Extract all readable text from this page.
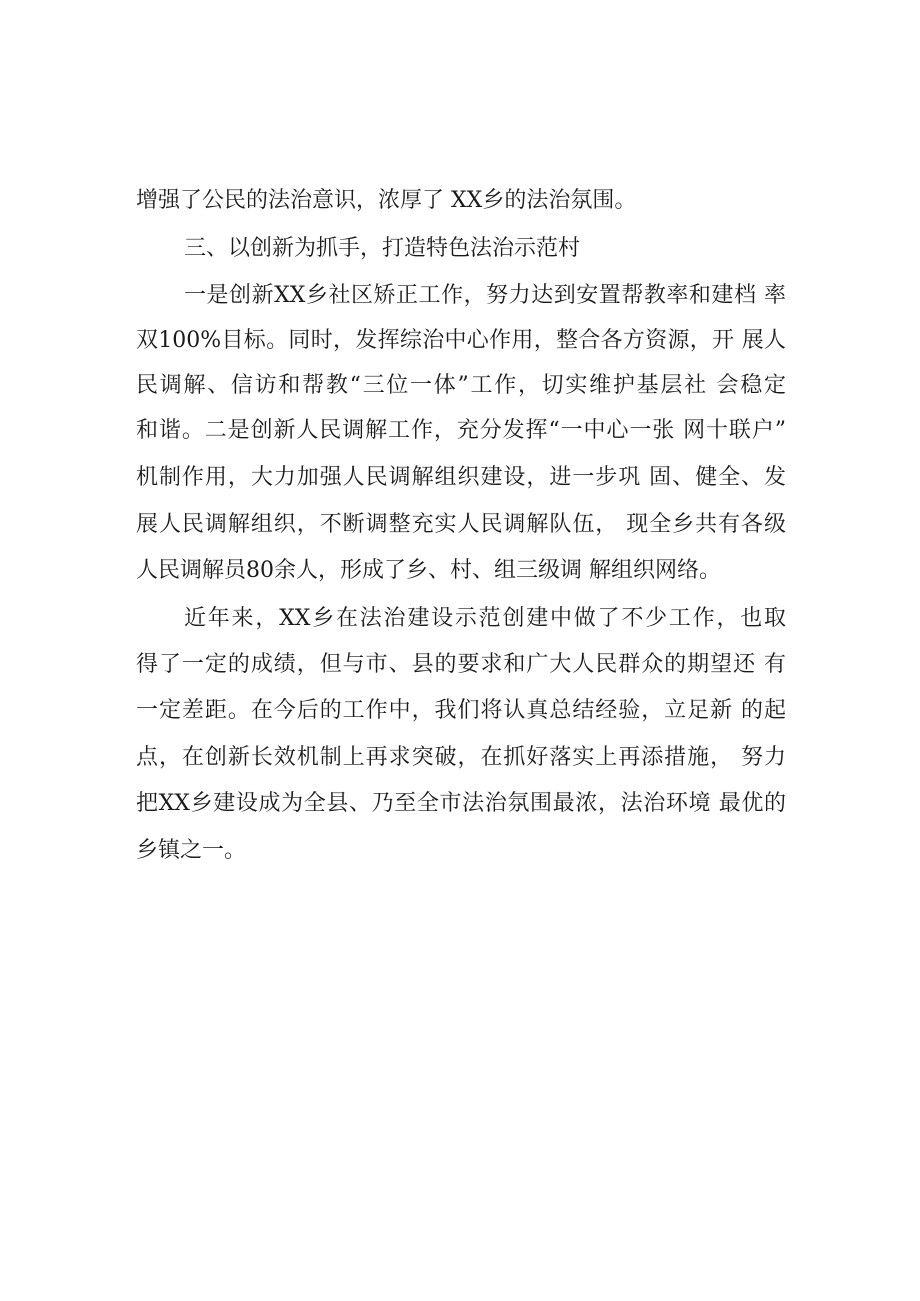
增强了公民的法治意识，浓厚了 XX乡的法治氛围。
三、以创新为抓手，打造特色法治示范村
一是创新XX乡社区矫正工作，努力达到安置帮教率和建档 率
双100%目标。同时，发挥综治中心作用，整合各方资源，开 展人
民调解、信访和帮教“三位一体”工作，切实维护基层社 会稳定
和谐。二是创新人民调解工作，充分发挥“一中心一张 网十联户”
机制作用，大力加强人民调解组织建设，进一步巩 固、健全、发
展人民调解组织，不断调整充实人民调解队伍， 现全乡共有各级
人民调解员80余人，形成了乡、村、组三级调 解组织网络。
近年来，XX乡在法治建设示范创建中做了不少工作，也取
得了一定的成绩，但与市、县的要求和广大人民群众的期望还 有
一定差距。在今后的工作中，我们将认真总结经验，立足新 的起
点，在创新长效机制上再求突破，在抓好落实上再添措施， 努力
把XX乡建设成为全县、乃至全市法治氛围最浓，法治环境 最优的
乡镇之一。
